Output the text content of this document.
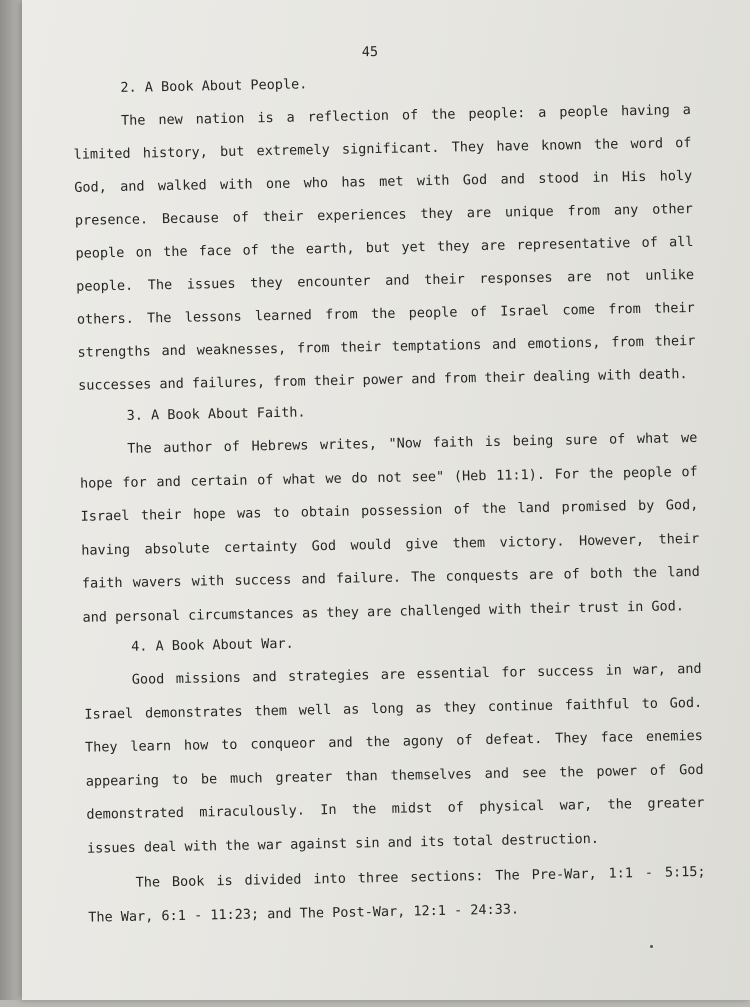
45
2. A Book About People.
The new nation is a reflection of the people: a people having a
limited history, but extremely significant. They have known the word of
God, and walked with one who has met with God and stood in His holy
presence. Because of their experiences they are unique from any other
people on the face of the earth, but yet they are representative of all
people. The issues they encounter and their responses are not unlike
others. The lessons learned from the people of Israel come from their
strengths and weaknesses, from their temptations and emotions, from their
successes and failures, from their power and from their dealing with death.
3. A Book About Faith.
The author of Hebrews writes, "Now faith is being sure of what we
hope for and certain of what we do not see" (Heb 11:1). For the people of
Israel their hope was to obtain possession of the land promised by God,
having absolute certainty God would give them victory. However, their
faith wavers with success and failure. The conquests are of both the land
and personal circumstances as they are challenged with their trust in God.
4. A Book About War.
Good missions and strategies are essential for success in war, and
Israel demonstrates them well as long as they continue faithful to God.
They learn how to conqueor and the agony of defeat. They face enemies
appearing to be much greater than themselves and see the power of God
demonstrated miraculously. In the midst of physical war, the greater
issues deal with the war against sin and its total destruction.
The Book is divided into three sections: The Pre-War, 1:1 - 5:15;
The War, 6:1 - 11:23; and The Post-War, 12:1 - 24:33.
